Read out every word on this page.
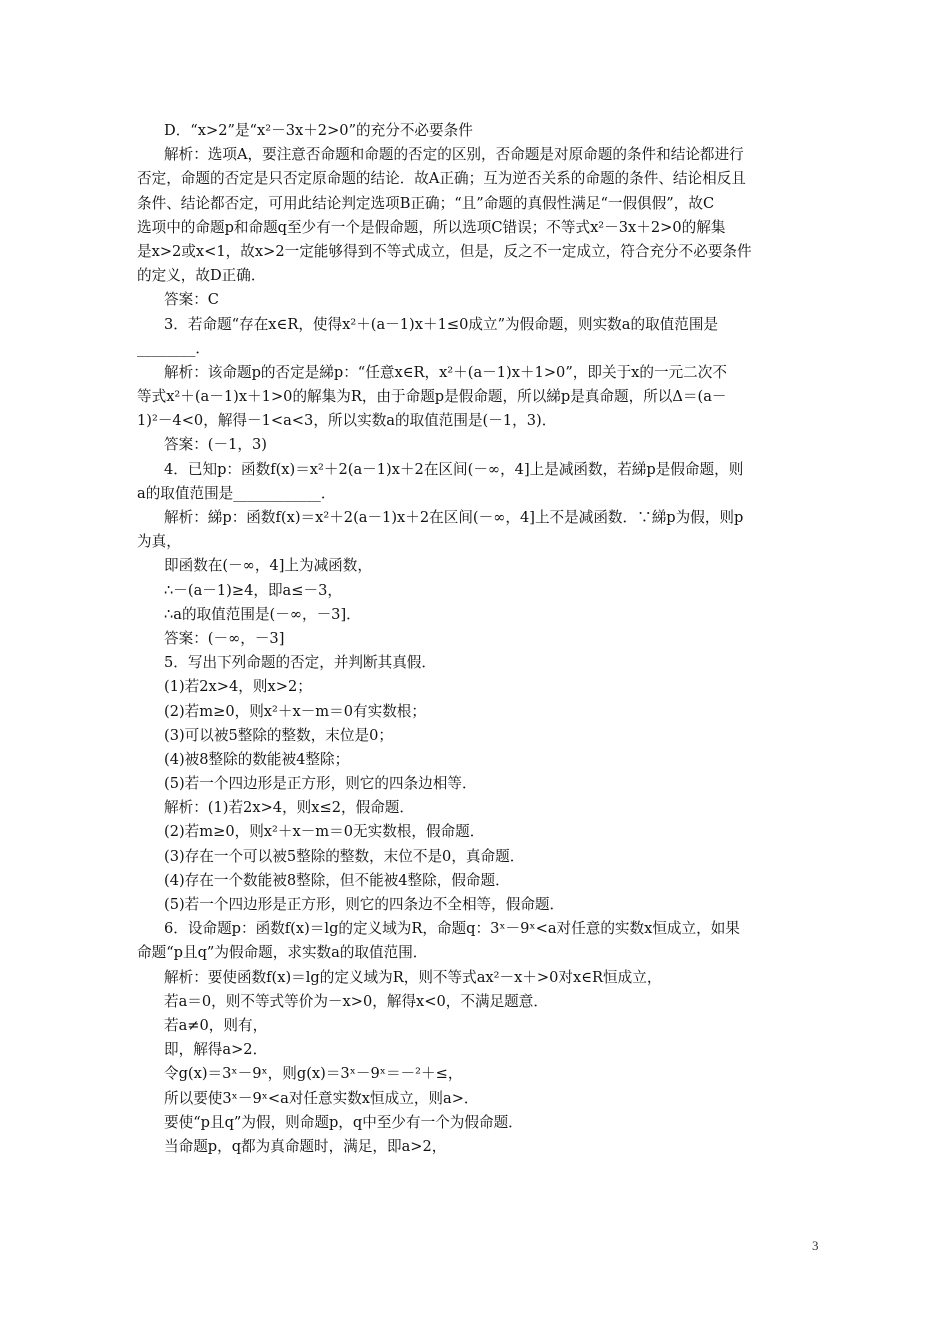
D．“x>2”是“x²－3x＋2>0”的充分不必要条件
解析：选项A，要注意否命题和命题的否定的区别，否命题是对原命题的条件和结论都进行
否定，命题的否定是只否定原命题的结论．故A正确；互为逆否关系的命题的条件、结论相反且
条件、结论都否定，可用此结论判定选项B正确；“且”命题的真假性满足“一假俱假”，故C
选项中的命题p和命题q至少有一个是假命题，所以选项C错误；不等式x²－3x＋2>0的解集
是x>2或x<1，故x>2一定能够得到不等式成立，但是，反之不一定成立，符合充分不必要条件
的定义，故D正确．
答案：C
3．若命题“存在x∈R，使得x²＋(a－1)x＋1≤0成立”为假命题，则实数a的取值范围是
________．
解析：该命题p的否定是綈p：“任意x∈R，x²＋(a－1)x＋1>0”，即关于x的一元二次不
等式x²＋(a－1)x＋1>0的解集为R，由于命题p是假命题，所以綈p是真命题，所以Δ＝(a－
1)²－4<0，解得－1<a<3，所以实数a的取值范围是(－1，3)．
答案：(－1，3)
4．已知p：函数f(x)＝x²＋2(a－1)x＋2在区间(－∞，4]上是减函数，若綈p是假命题，则
a的取值范围是____________．
解析：綈p：函数f(x)＝x²＋2(a－1)x＋2在区间(－∞，4]上不是减函数．∵綈p为假，则p
为真，
即函数在(－∞，4]上为减函数，
∴－(a－1)≥4，即a≤－3，
∴a的取值范围是(－∞，－3]．
答案：(－∞，－3]
5．写出下列命题的否定，并判断其真假．
(1)若2x>4，则x>2；
(2)若m≥0，则x²＋x－m＝0有实数根；
(3)可以被5整除的整数，末位是0；
(4)被8整除的数能被4整除；
(5)若一个四边形是正方形，则它的四条边相等．
解析：(1)若2x>4，则x≤2，假命题．
(2)若m≥0，则x²＋x－m＝0无实数根，假命题．
(3)存在一个可以被5整除的整数，末位不是0，真命题．
(4)存在一个数能被8整除，但不能被4整除，假命题．
(5)若一个四边形是正方形，则它的四条边不全相等，假命题．
6．设命题p：函数f(x)＝lg的定义域为R，命题q：3ˣ－9ˣ<a对任意的实数x恒成立，如果
命题“p且q”为假命题，求实数a的取值范围．
解析：要使函数f(x)＝lg的定义域为R，则不等式ax²－x＋>0对x∈R恒成立，
若a＝0，则不等式等价为－x>0，解得x<0，不满足题意．
若a≠0，则有，
即，解得a>2．
令g(x)＝3ˣ－9ˣ，则g(x)＝3ˣ－9ˣ＝－²＋≤，
所以要使3ˣ－9ˣ<a对任意实数x恒成立，则a>．
要使“p且q”为假，则命题p，q中至少有一个为假命题．
当命题p，q都为真命题时，满足，即a>2，
3
